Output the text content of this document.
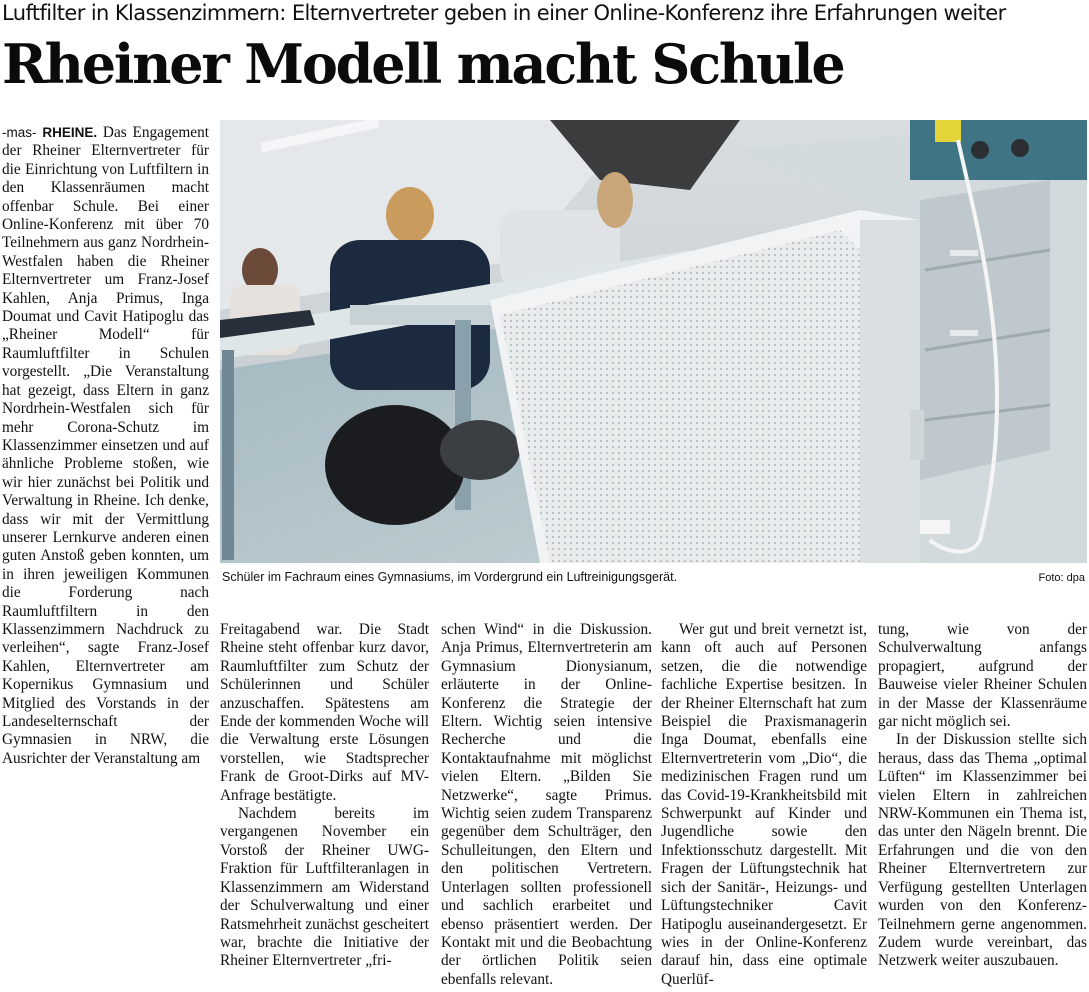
Luftfilter in Klassenzimmern: Elternvertreter geben in einer Online-Konferenz ihre Erfahrungen weiter
Rheiner Modell macht Schule

-mas- RHEINE. Das Engagement der Rheiner Elternvertreter für die Einrichtung von Luftfiltern in den Klassenräumen macht offenbar Schule. Bei einer Online-Konferenz mit über 70 Teilnehmern aus ganz Nordrhein-Westfalen haben die Rheiner Elternvertreter um Franz-Josef Kahlen, Anja Primus, Inga Doumat und Cavit Hatipoglu das „Rheiner Modell“ für Raumluftfilter in Schulen vorgestellt. „Die Veranstaltung hat gezeigt, dass Eltern in ganz Nordrhein-Westfalen sich für mehr Corona-Schutz im Klassenzimmer einsetzen und auf ähnliche Probleme stoßen, wie wir hier zunächst bei Politik und Verwaltung in Rheine. Ich denke, dass wir mit der Vermittlung unserer Lernkurve anderen einen guten Anstoß geben konnten, um in ihren jeweiligen Kommunen die Forderung nach Raumluftfiltern in den Klassenzimmern Nachdruck zu verleihen“, sagte Franz-Josef Kahlen, Elternvertreter am Kopernikus Gymnasium und Mitglied des Vorstands in der Landeselternschaft der Gymnasien in NRW, die Ausrichter der Veranstaltung am

Schüler im Fachraum eines Gymnasiums, im Vordergrund ein Luftreinigungsgerät.	Foto: dpa

Freitagabend war. Die Stadt Rheine steht offenbar kurz davor, Raumluftfilter zum Schutz der Schülerinnen und Schüler anzuschaffen. Spätestens am Ende der kommenden Woche will die Verwaltung erste Lösungen vorstellen, wie Stadtsprecher Frank de Groot-Dirks auf MV-Anfrage bestätigte.

Nachdem bereits im vergangenen November ein Vorstoß der Rheiner UWG-Fraktion für Luftfilteranlagen in Klassenzimmern am Widerstand der Schulverwaltung und einer Ratsmehrheit zunächst gescheitert war, brachte die Initiative der Rheiner Elternvertreter „fri-

schen Wind“ in die Diskussion. Anja Primus, Elternvertreterin am Gymnasium Dionysianum, erläuterte in der Online-Konferenz die Strategie der Eltern. Wichtig seien intensive Recherche und die Kontaktaufnahme mit möglichst vielen Eltern. „Bilden Sie Netzwerke“, sagte Primus. Wichtig seien zudem Transparenz gegenüber dem Schulträger, den Schulleitungen, den Eltern und den politischen Vertretern. Unterlagen sollten professionell und sachlich erarbeitet und ebenso präsentiert werden. Der Kontakt mit und die Beobachtung der örtlichen Politik seien ebenfalls relevant.

Wer gut und breit vernetzt ist, kann oft auch auf Personen setzen, die die notwendige fachliche Expertise besitzen. In der Rheiner Elternschaft hat zum Beispiel die Praxismanagerin Inga Doumat, ebenfalls eine Elternvertreterin vom „Dio“, die medizinischen Fragen rund um das Covid-19-Krankheitsbild mit Schwerpunkt auf Kinder und Jugendliche sowie den Infektionsschutz dargestellt. Mit Fragen der Lüftungstechnik hat sich der Sanitär-, Heizungs- und Lüftungstechniker Cavit Hatipoglu auseinandergesetzt. Er wies in der Online-Konferenz darauf hin, dass eine optimale Querlüf-

tung, wie von der Schulverwaltung anfangs propagiert, aufgrund der Bauweise vieler Rheiner Schulen in der Masse der Klassenräume gar nicht möglich sei.

In der Diskussion stellte sich heraus, dass das Thema „optimal Lüften“ im Klassenzimmer bei vielen Eltern in zahlreichen NRW-Kommunen ein Thema ist, das unter den Nägeln brennt. Die Erfahrungen und die von den Rheiner Elternvertretern zur Verfügung gestellten Unterlagen wurden von den Konferenz-Teilnehmern gerne angenommen. Zudem wurde vereinbart, das Netzwerk weiter auszubauen.
